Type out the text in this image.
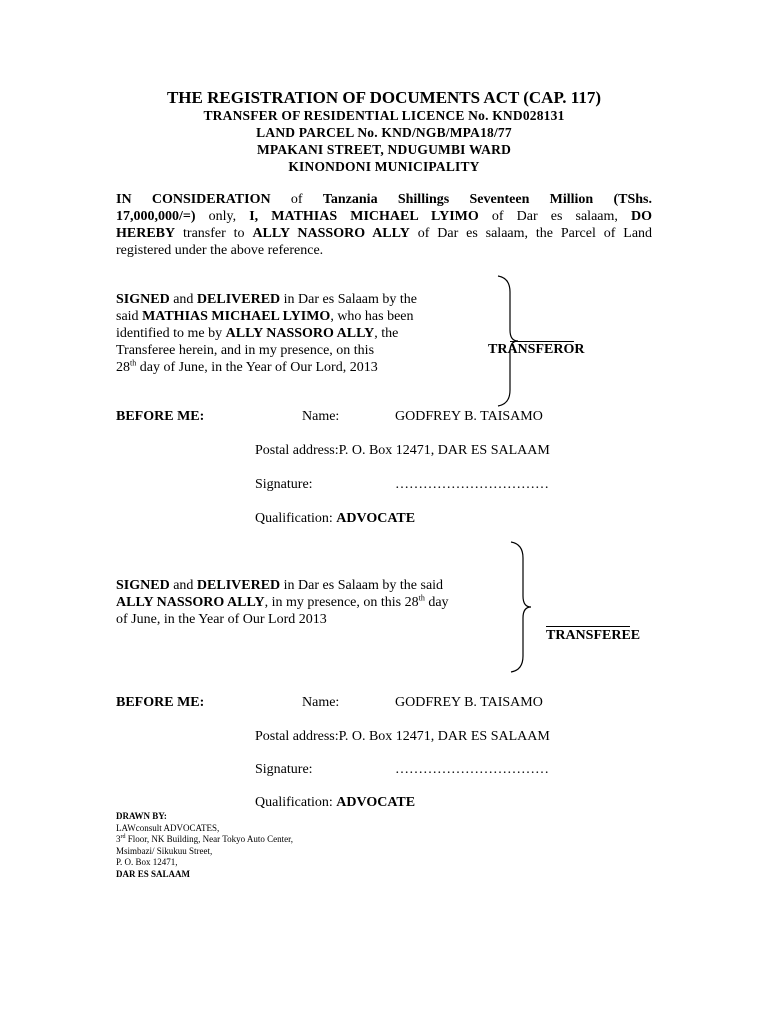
THE REGISTRATION OF DOCUMENTS ACT (CAP. 117)
TRANSFER OF RESIDENTIAL LICENCE No. KND028131
LAND PARCEL No. KND/NGB/MPA18/77
MPAKANI STREET, NDUGUMBI WARD
KINONDONI MUNICIPALITY
IN CONSIDERATION of Tanzania Shillings Seventeen Million (TShs.
17,000,000/=) only, I, MATHIAS MICHAEL LYIMO of Dar es salaam, DO
HEREBY transfer to ALLY NASSORO ALLY of Dar es salaam, the Parcel of Land
registered under the above reference.
SIGNED and DELIVERED in Dar es Salaam by the
said MATHIAS MICHAEL LYIMO, who has been
identified to me by ALLY NASSORO ALLY, the
Transferee herein, and in my presence, on this
28th day of June, in the Year of Our Lord, 2013
TRANSFEROR
BEFORE ME:	Name:	GODFREY B. TAISAMO
Postal address:P. O. Box 12471, DAR ES SALAAM
Signature:	……………………………
Qualification: ADVOCATE
SIGNED and DELIVERED in Dar es Salaam by the said
ALLY NASSORO ALLY, in my presence, on this 28th day
of June, in the Year of Our Lord 2013
TRANSFEREE
BEFORE ME:	Name:	GODFREY B. TAISAMO
Postal address:P. O. Box 12471, DAR ES SALAAM
Signature:	……………………………
Qualification: ADVOCATE
DRAWN BY:
LAWconsult ADVOCATES,
3rd Floor, NK Building, Near Tokyo Auto Center,
Msimbazi/ Sikukuu Street,
P. O. Box 12471,
DAR ES SALAAM
